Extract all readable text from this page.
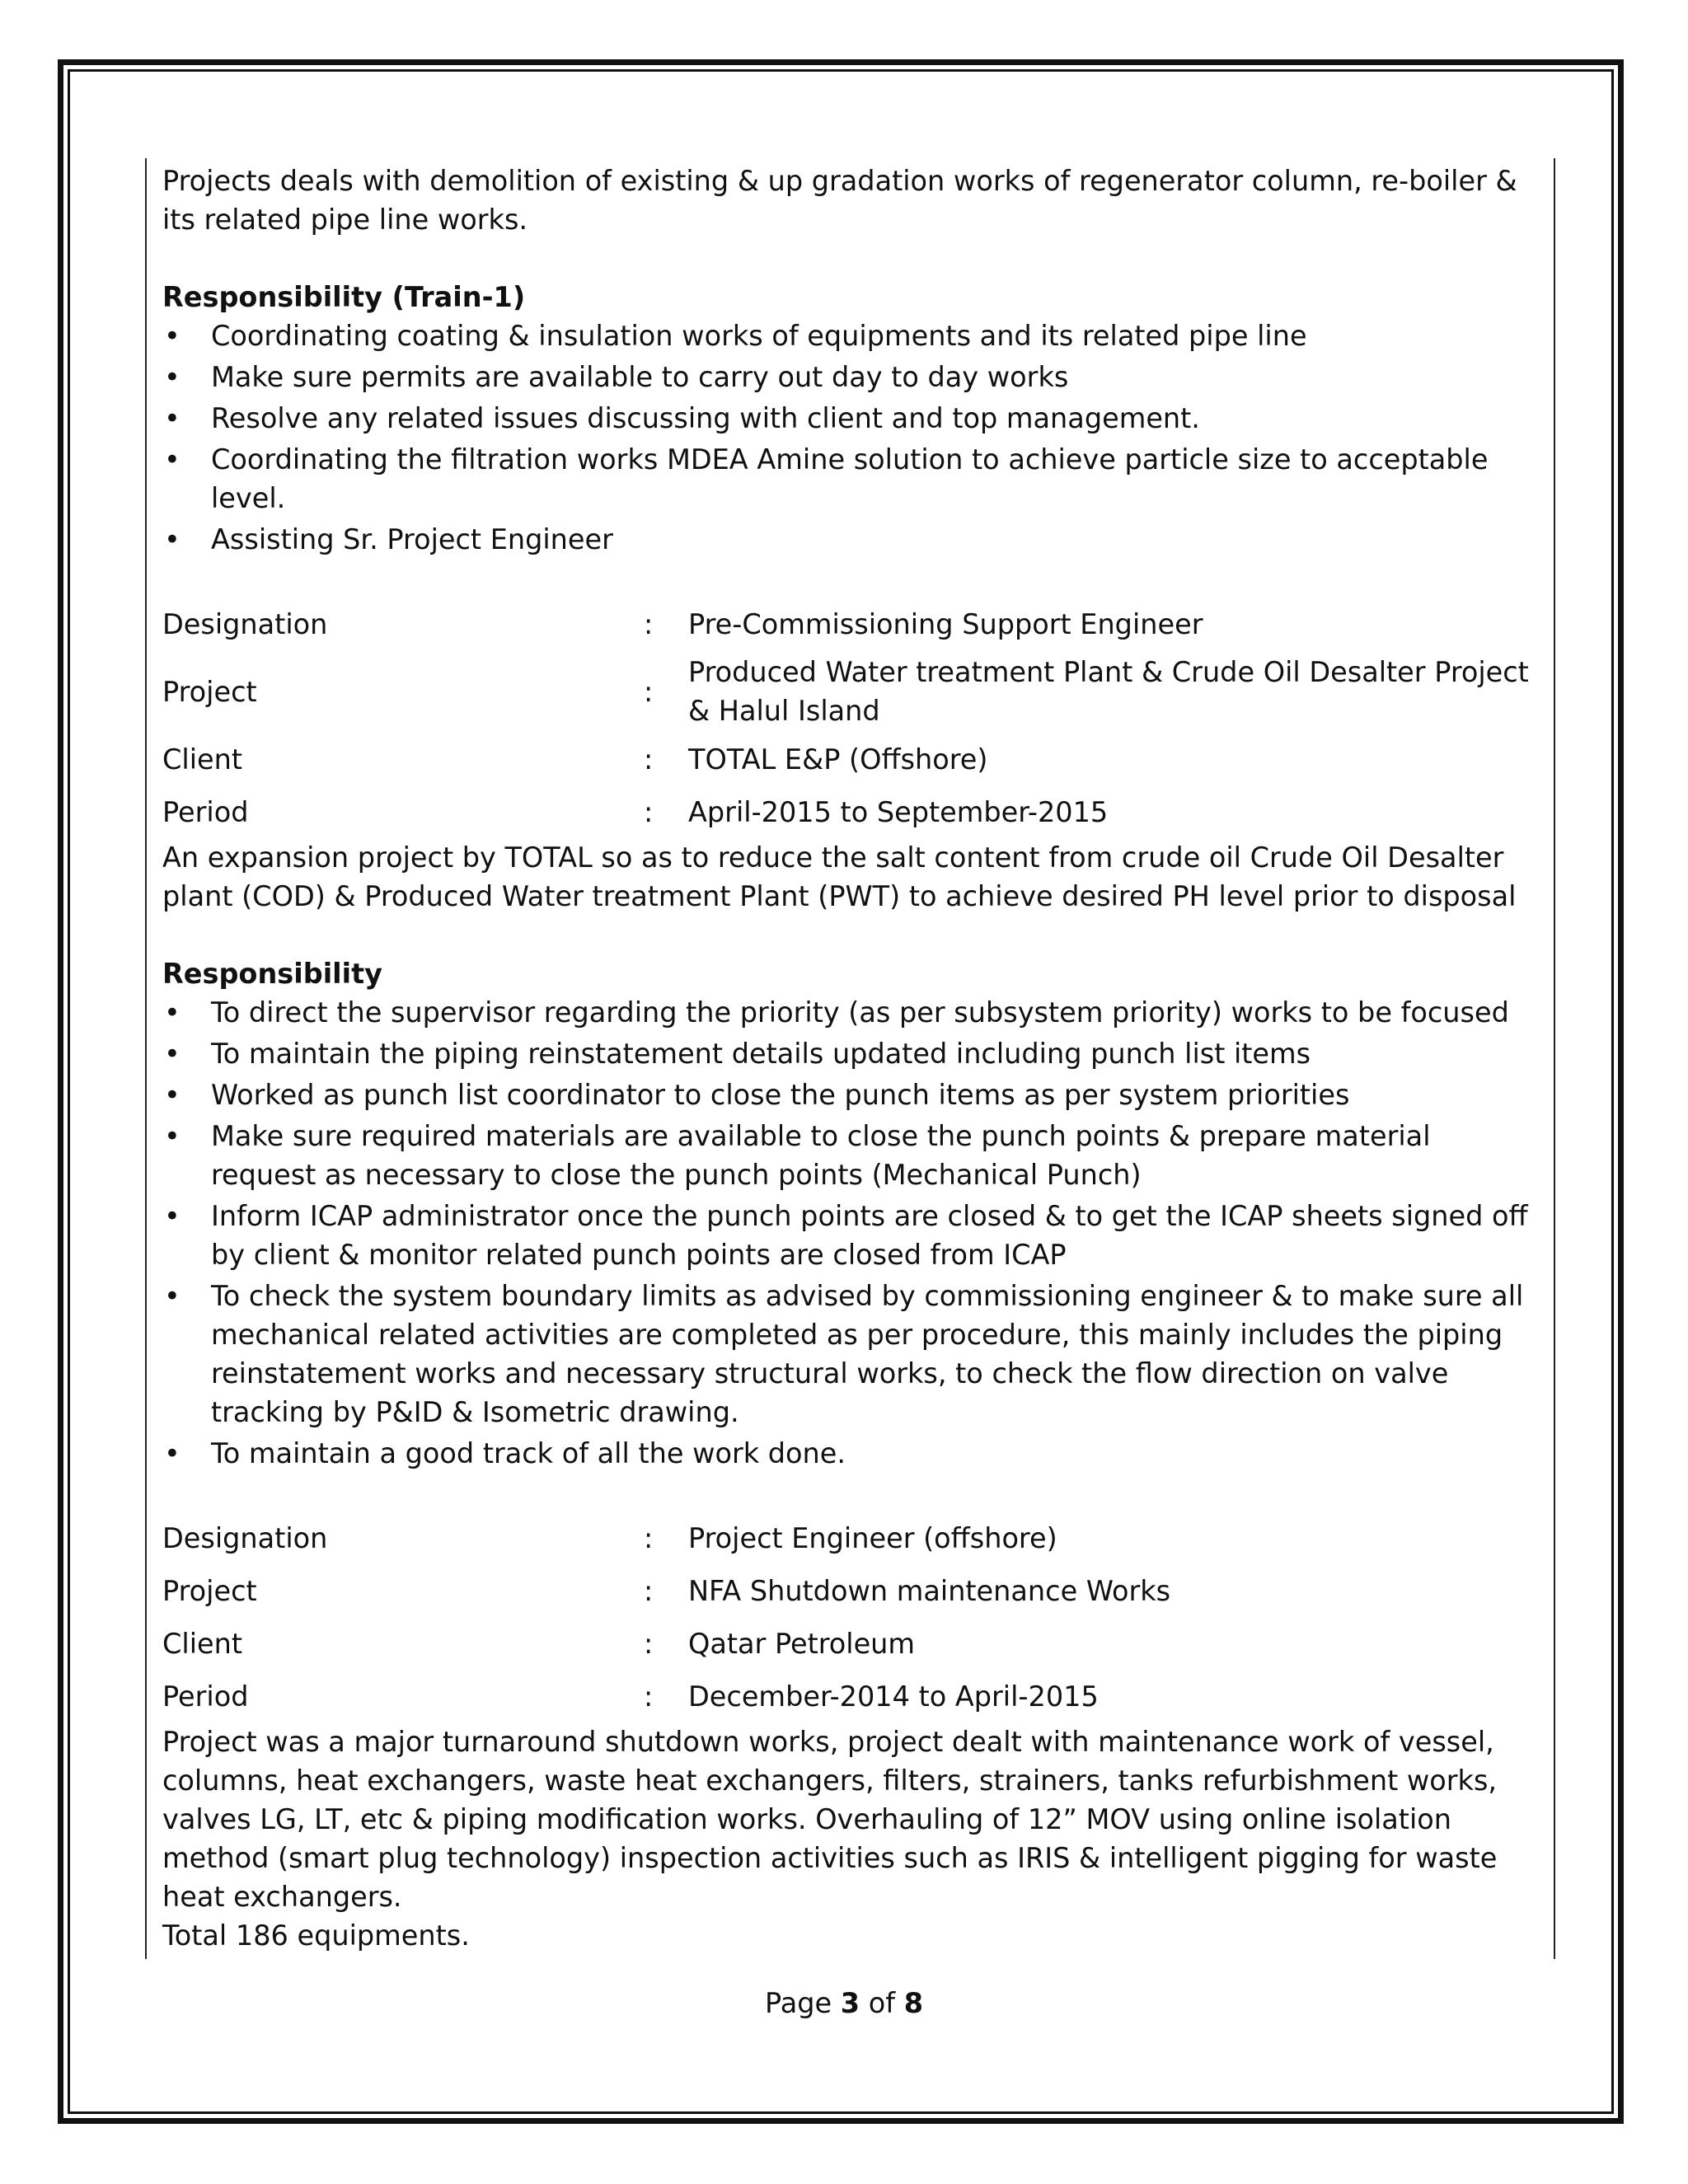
Projects deals with demolition of existing & up gradation works of regenerator column, re-boiler & its related pipe line works.

Responsibility (Train-1)

• Coordinating coating & insulation works of equipments and its related pipe line
• Make sure permits are available to carry out day to day works
• Resolve any related issues discussing with client and top management.
• Coordinating the filtration works MDEA Amine solution to achieve particle size to acceptable level.
• Assisting Sr. Project Engineer
Designation	:	Pre-Commissioning Support Engineer
Project	:	Produced Water treatment Plant & Crude Oil Desalter Project & Halul Island
Client	:	TOTAL E&P (Offshore)
Period	:	April-2015 to September-2015

An expansion project by TOTAL so as to reduce the salt content from crude oil Crude Oil Desalter plant (COD) & Produced Water treatment Plant (PWT) to achieve desired PH level prior to disposal

Responsibility

• To direct the supervisor regarding the priority (as per subsystem priority) works to be focused
• To maintain the piping reinstatement details updated including punch list items
• Worked as punch list coordinator to close the punch items as per system priorities
• Make sure required materials are available to close the punch points & prepare material request as necessary to close the punch points (Mechanical Punch)
• Inform ICAP administrator once the punch points are closed & to get the ICAP sheets signed off by client & monitor related punch points are closed from ICAP
• To check the system boundary limits as advised by commissioning engineer & to make sure all mechanical related activities are completed as per procedure, this mainly includes the piping reinstatement works and necessary structural works, to check the flow direction on valve tracking by P&ID & Isometric drawing.
• To maintain a good track of all the work done.
Designation	:	Project Engineer (offshore)
Project	:	NFA Shutdown maintenance Works
Client	:	Qatar Petroleum
Period	:	December-2014 to April-2015

Project was a major turnaround shutdown works, project dealt with maintenance work of vessel, columns, heat exchangers, waste heat exchangers, filters, strainers, tanks refurbishment works, valves LG, LT, etc & piping modification works. Overhauling of 12” MOV using online isolation method (smart plug technology) inspection activities such as IRIS & intelligent pigging for waste heat exchangers.

Total 186 equipments.

Page 3 of 8
